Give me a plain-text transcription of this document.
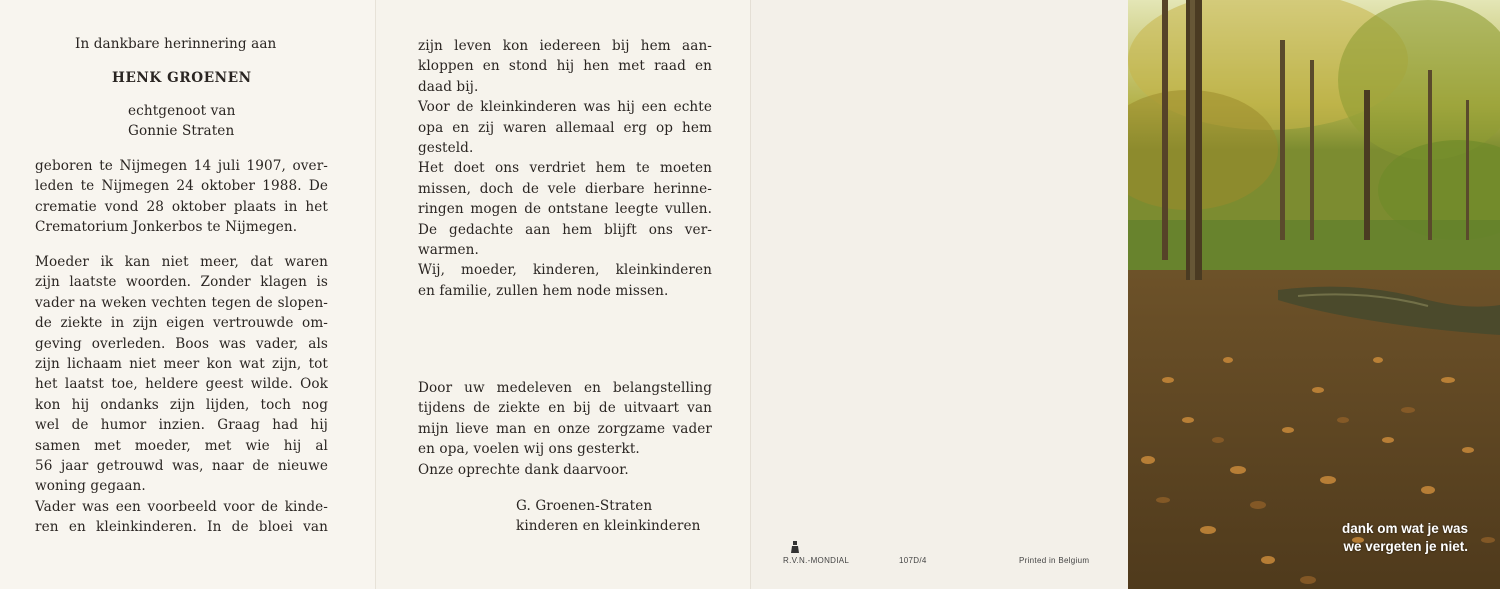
In dankbare herinnering aan
HENK GROENEN
echtgenoot van
Gonnie Straten
geboren te Nijmegen 14 juli 1907, over-
leden te Nijmegen 24 oktober 1988. De
crematie vond 28 oktober plaats in het
Crematorium Jonkerbos te Nijmegen.
Moeder ik kan niet meer, dat waren
zijn laatste woorden. Zonder klagen is
vader na weken vechten tegen de slopen-
de ziekte in zijn eigen vertrouwde om-
geving overleden. Boos was vader, als
zijn lichaam niet meer kon wat zijn, tot
het laatst toe, heldere geest wilde. Ook
kon hij ondanks zijn lijden, toch nog
wel de humor inzien. Graag had hij
samen met moeder, met wie hij al
56 jaar getrouwd was, naar de nieuwe
woning gegaan.
Vader was een voorbeeld voor de kinde-
ren en kleinkinderen. In de bloei van
zijn leven kon iedereen bij hem aan-
kloppen en stond hij hen met raad en
daad bij.
Voor de kleinkinderen was hij een echte
opa en zij waren allemaal erg op hem
gesteld.
Het doet ons verdriet hem te moeten
missen, doch de vele dierbare herinne-
ringen mogen de ontstane leegte vullen.
De gedachte aan hem blijft ons ver-
warmen.
Wij, moeder, kinderen, kleinkinderen
en familie, zullen hem node missen.
Door uw medeleven en belangstelling
tijdens de ziekte en bij de uitvaart van
mijn lieve man en onze zorgzame vader
en opa, voelen wij ons gesterkt.
Onze oprechte dank daarvoor.
G. Groenen-Straten
kinderen en kleinkinderen
R.V.N.-MONDIAL	107D/4	Printed in Belgium
dank om wat je was
we vergeten je niet.
